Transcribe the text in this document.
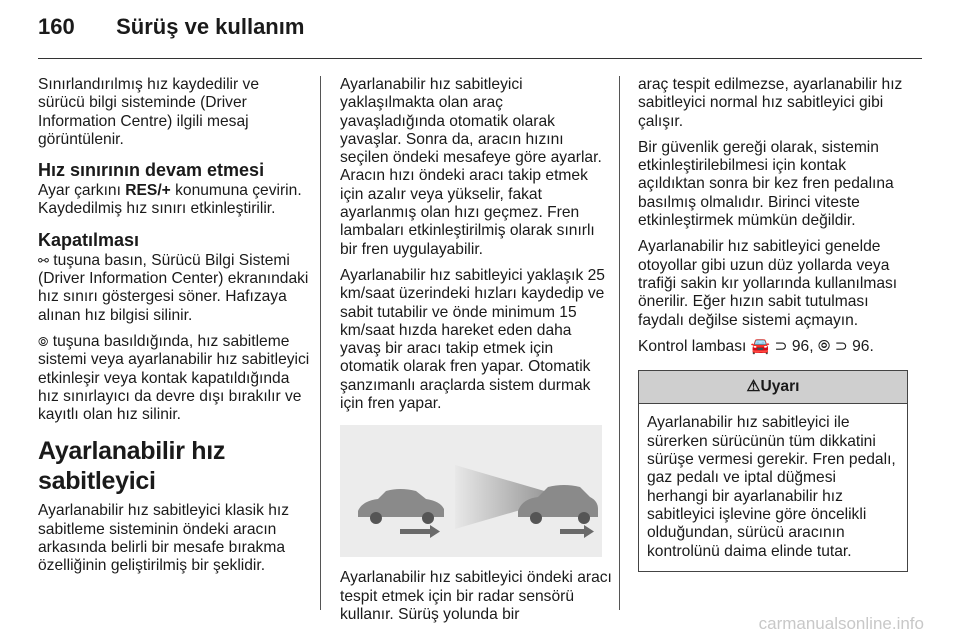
160 Sürüş ve kullanım

Sınırlandırılmış hız kaydedilir ve sürücü bilgi sisteminde (Driver Information Centre) ilgili mesaj görüntülenir.

Hız sınırının devam etmesi

Ayar çarkını RES/+ konumuna çevirin. Kaydedilmiş hız sınırı etkinleştirilir.

Kapatılması

⚯ tuşuna basın, Sürücü Bilgi Sistemi (Driver Information Center) ekranındaki hız sınırı göstergesi söner. Hafızaya alınan hız bilgisi silinir.

⦾ tuşuna basıldığında, hız sabitleme sistemi veya ayarlanabilir hız sabitleyici etkinleşir veya kontak kapatıldığında hız sınırlayıcı da devre dışı bırakılır ve kayıtlı olan hız silinir.

Ayarlanabilir hız sabitleyici

Ayarlanabilir hız sabitleyici klasik hız sabitleme sisteminin öndeki aracın arkasında belirli bir mesafe bırakma özelliğinin geliştirilmiş bir şeklidir.

Ayarlanabilir hız sabitleyici yaklaşılmakta olan araç yavaşladığında otomatik olarak yavaşlar. Sonra da, aracın hızını seçilen öndeki mesafeye göre ayarlar. Aracın hızı öndeki aracı takip etmek için azalır veya yükselir, fakat ayarlanmış olan hızı geçmez. Fren lambaları etkinleştirilmiş olarak sınırlı bir fren uygulayabilir.

Ayarlanabilir hız sabitleyici yaklaşık 25 km/saat üzerindeki hızları kaydedip ve sabit tutabilir ve önde minimum 15 km/saat hızda hareket eden daha yavaş bir aracı takip etmek için otomatik olarak fren yapar. Otomatik şanzımanlı araçlarda sistem durmak için fren yapar.

Ayarlanabilir hız sabitleyici öndeki aracı tespit etmek için bir radar sensörü kullanır. Sürüş yolunda bir

araç tespit edilmezse, ayarlanabilir hız sabitleyici normal hız sabitleyici gibi çalışır.

Bir güvenlik gereği olarak, sistemin etkinleştirilebilmesi için kontak açıldıktan sonra bir kez fren pedalına basılmış olmalıdır. Birinci viteste etkinleştirmek mümkün değildir.

Ayarlanabilir hız sabitleyici genelde otoyollar gibi uzun düz yollarda veya trafiği sakin kır yollarında kullanılması önerilir. Eğer hızın sabit tutulması faydalı değilse sistemi açmayın.

Kontrol lambası 🚘 ⊃ 96, ⦾ ⊃ 96.

⚠Uyarı
Ayarlanabilir hız sabitleyici ile sürerken sürücünün tüm dikkatini sürüşe vermesi gerekir. Fren pedalı, gaz pedalı ve iptal düğmesi herhangi bir ayarlanabilir hız sabitleyici işlevine göre öncelikli olduğundan, sürücü aracının kontrolünü daima elinde tutar.
carmanualsonline.info
